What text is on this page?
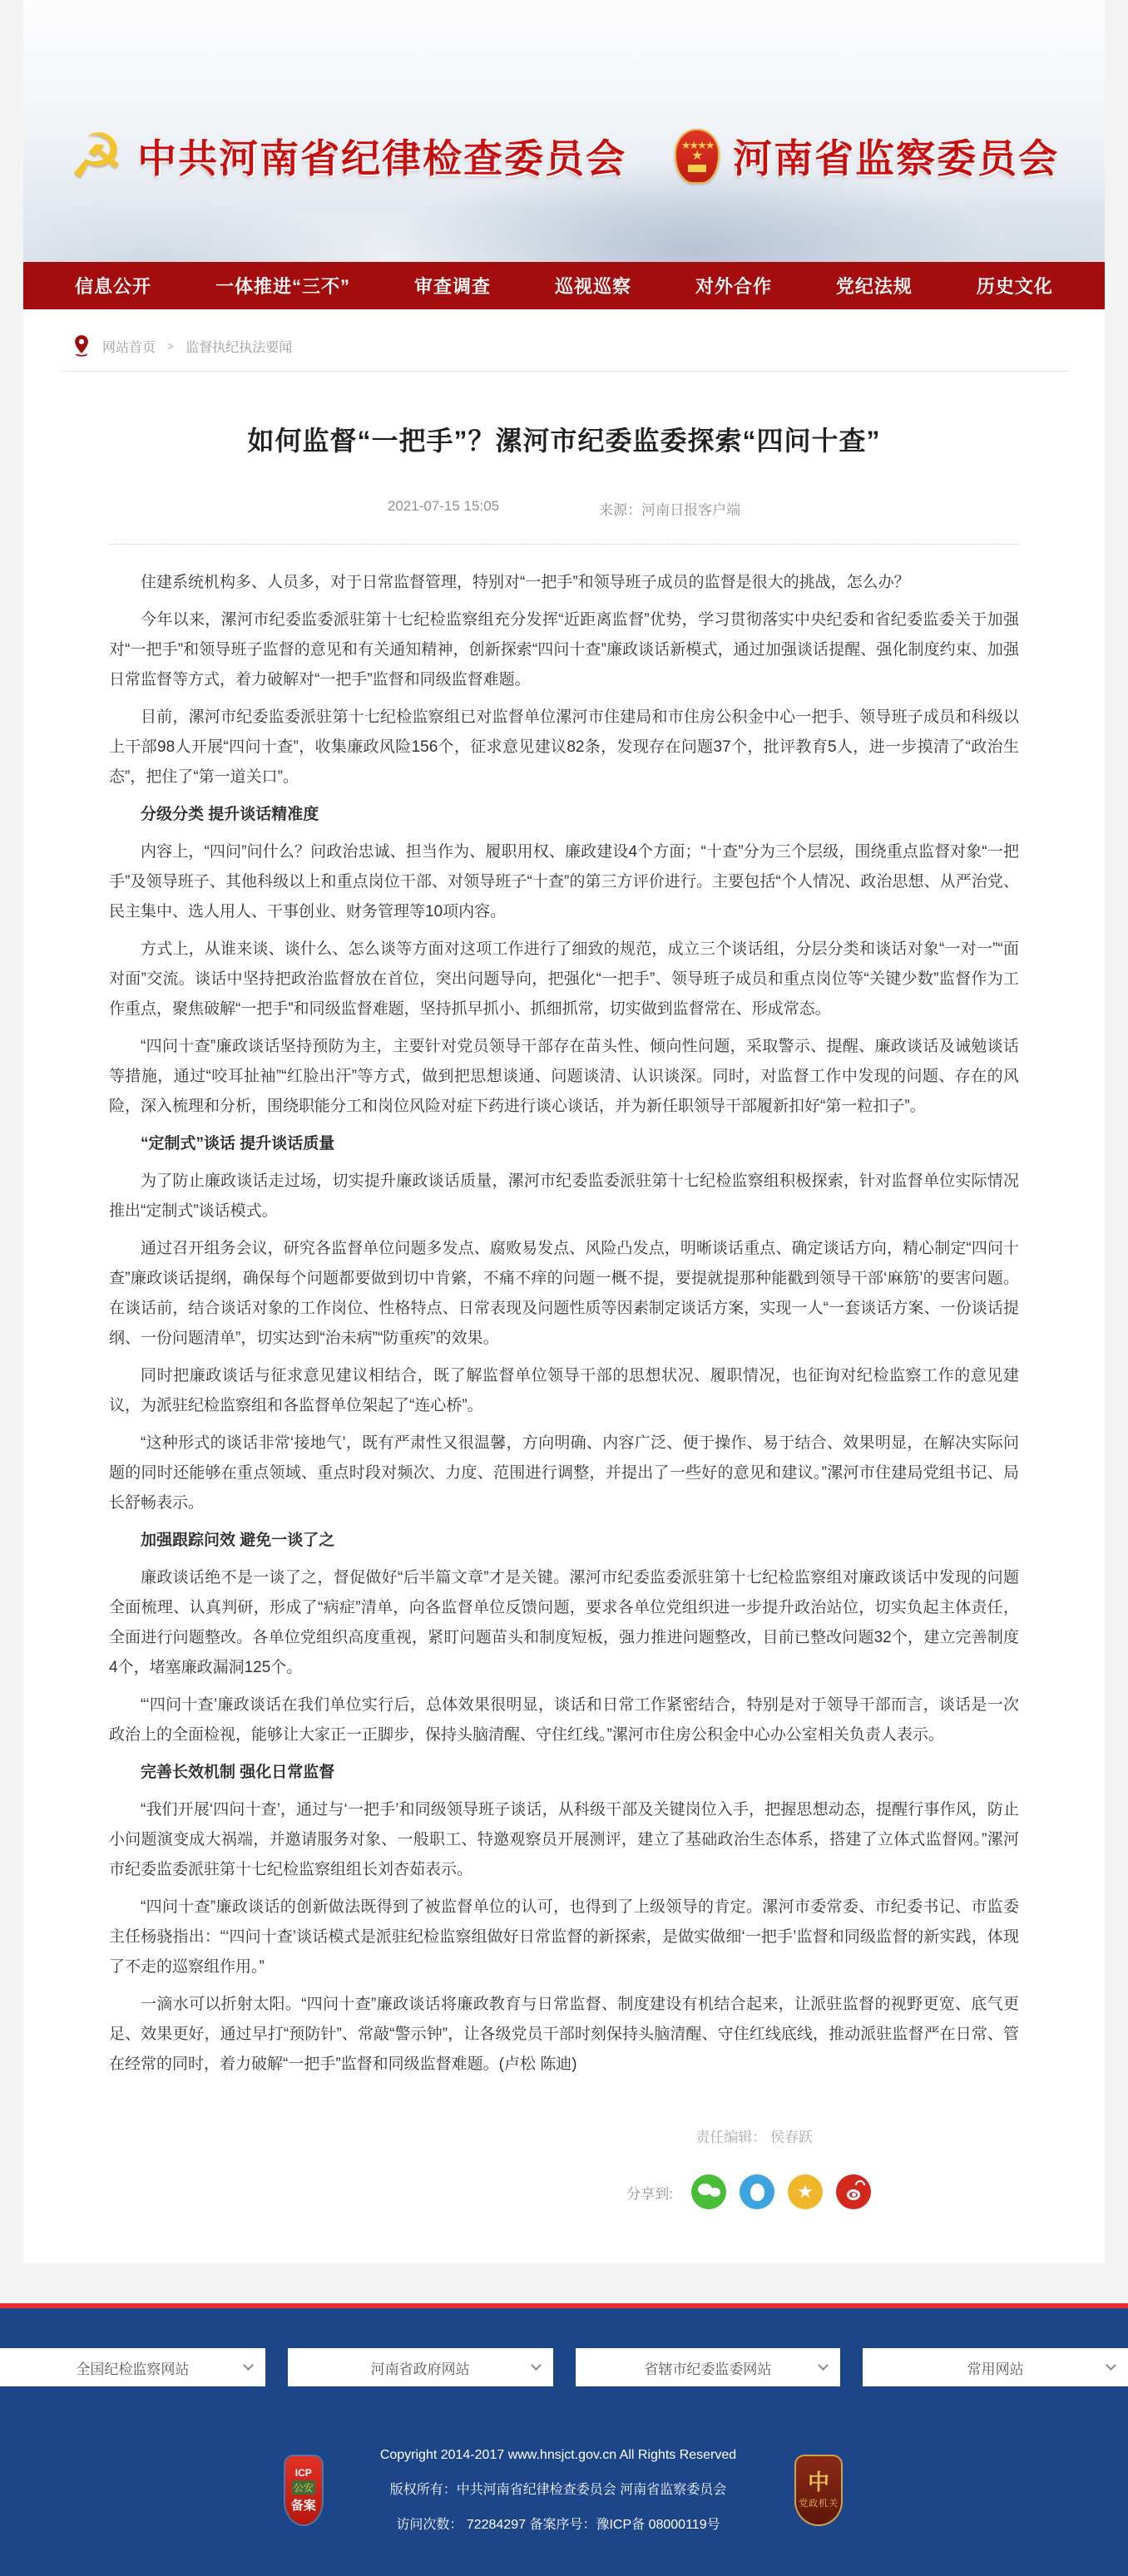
☭ 中共河南省纪律检查委员会	★★★★
★ 河南省监察委员会
信息公开	一体推进“三不”	审查调查	巡视巡察	对外合作	党纪法规	历史文化
网站首页 > 监督执纪执法要闻
如何监督“一把手”？漯河市纪委监委探索“四问十查”
2021-07-15 15:05	来源：河南日报客户端

住建系统机构多、人员多，对于日常监督管理，特别对“一把手”和领导班子成员的监督是很大的挑战，怎么办？

今年以来，漯河市纪委监委派驻第十七纪检监察组充分发挥“近距离监督”优势，学习贯彻落实中央纪委和省纪委监委关于加强对“一把手”和领导班子监督的意见和有关通知精神，创新探索“四问十查”廉政谈话新模式，通过加强谈话提醒、强化制度约束、加强日常监督等方式，着力破解对“一把手”监督和同级监督难题。

目前，漯河市纪委监委派驻第十七纪检监察组已对监督单位漯河市住建局和市住房公积金中心一把手、领导班子成员和科级以上干部98人开展“四问十查”，收集廉政风险156个，征求意见建议82条，发现存在问题37个，批评教育5人，进一步摸清了“政治生态”，把住了“第一道关口”。

分级分类 提升谈话精准度

内容上，“四问”问什么？问政治忠诚、担当作为、履职用权、廉政建设4个方面；“十查”分为三个层级，围绕重点监督对象“一把手”及领导班子、其他科级以上和重点岗位干部、对领导班子“十查”的第三方评价进行。主要包括“个人情况、政治思想、从严治党、民主集中、选人用人、干事创业、财务管理等10项内容。

方式上，从谁来谈、谈什么、怎么谈等方面对这项工作进行了细致的规范，成立三个谈话组，分层分类和谈话对象“一对一”“面对面”交流。谈话中坚持把政治监督放在首位，突出问题导向，把强化“一把手”、领导班子成员和重点岗位等“关键少数”监督作为工作重点，聚焦破解“一把手”和同级监督难题，坚持抓早抓小、抓细抓常，切实做到监督常在、形成常态。

“四问十查”廉政谈话坚持预防为主，主要针对党员领导干部存在苗头性、倾向性问题，采取警示、提醒、廉政谈话及诫勉谈话等措施，通过“咬耳扯袖”“红脸出汗”等方式，做到把思想谈通、问题谈清、认识谈深。同时，对监督工作中发现的问题、存在的风险，深入梳理和分析，围绕职能分工和岗位风险对症下药进行谈心谈话，并为新任职领导干部履新扣好“第一粒扣子”。

“定制式”谈话 提升谈话质量

为了防止廉政谈话走过场，切实提升廉政谈话质量，漯河市纪委监委派驻第十七纪检监察组积极探索，针对监督单位实际情况推出“定制式”谈话模式。

通过召开组务会议，研究各监督单位问题多发点、腐败易发点、风险凸发点，明晰谈话重点、确定谈话方向，精心制定“四问十查”廉政谈话提纲，确保每个问题都要做到切中肯綮，不痛不痒的问题一概不提，要提就提那种能戳到领导干部‘麻筋’的要害问题。在谈话前，结合谈话对象的工作岗位、性格特点、日常表现及问题性质等因素制定谈话方案，实现一人“一套谈话方案、一份谈话提纲、一份问题清单”，切实达到“治未病”“防重疾”的效果。

同时把廉政谈话与征求意见建议相结合，既了解监督单位领导干部的思想状况、履职情况，也征询对纪检监察工作的意见建议，为派驻纪检监察组和各监督单位架起了“连心桥”。

“这种形式的谈话非常‘接地气’，既有严肃性又很温馨，方向明确、内容广泛、便于操作、易于结合、效果明显，在解决实际问题的同时还能够在重点领域、重点时段对频次、力度、范围进行调整，并提出了一些好的意见和建议。”漯河市住建局党组书记、局长舒畅表示。

加强跟踪问效 避免一谈了之

廉政谈话绝不是一谈了之，督促做好“后半篇文章”才是关键。漯河市纪委监委派驻第十七纪检监察组对廉政谈话中发现的问题全面梳理、认真判研，形成了“病症”清单，向各监督单位反馈问题，要求各单位党组织进一步提升政治站位，切实负起主体责任，全面进行问题整改。各单位党组织高度重视，紧盯问题苗头和制度短板，强力推进问题整改，目前已整改问题32个，建立完善制度4个，堵塞廉政漏洞125个。

“‘四问十查’廉政谈话在我们单位实行后，总体效果很明显，谈话和日常工作紧密结合，特别是对于领导干部而言，谈话是一次政治上的全面检视，能够让大家正一正脚步，保持头脑清醒、守住红线。”漯河市住房公积金中心办公室相关负责人表示。

完善长效机制 强化日常监督

“我们开展‘四问十查’，通过与‘一把手’和同级领导班子谈话，从科级干部及关键岗位入手，把握思想动态，提醒行事作风，防止小问题演变成大祸端，并邀请服务对象、一般职工、特邀观察员开展测评，建立了基础政治生态体系，搭建了立体式监督网。”漯河市纪委监委派驻第十七纪检监察组组长刘杏茹表示。

“四问十查”廉政谈话的创新做法既得到了被监督单位的认可，也得到了上级领导的肯定。漯河市委常委、市纪委书记、市监委主任杨骁指出：“‘四问十查’谈话模式是派驻纪检监察组做好日常监督的新探索，是做实做细‘一把手’监督和同级监督的新实践，体现了不走的巡察组作用。”

一滴水可以折射太阳。“四问十查”廉政谈话将廉政教育与日常监督、制度建设有机结合起来，让派驻监督的视野更宽、底气更足、效果更好，通过早打“预防针”、常敲“警示钟”，让各级党员干部时刻保持头脑清醒、守住红线底线，推动派驻监督严在日常、管在经常的同时，着力破解“一把手”监督和同级监督难题。(卢松 陈迪)

责任编辑： 侯春跃
分享到:	★
全国纪检监察网站	河南省政府网站	省辖市纪委监委网站	常用网站
ICP
公安
备案
Copyright 2014-2017 www.hnsjct.gov.cn All Rights Reserved
版权所有：中共河南省纪律检查委员会 河南省监察委员会
访问次数： 72284297 备案序号：豫ICP备 08000119号
中
党政机关
